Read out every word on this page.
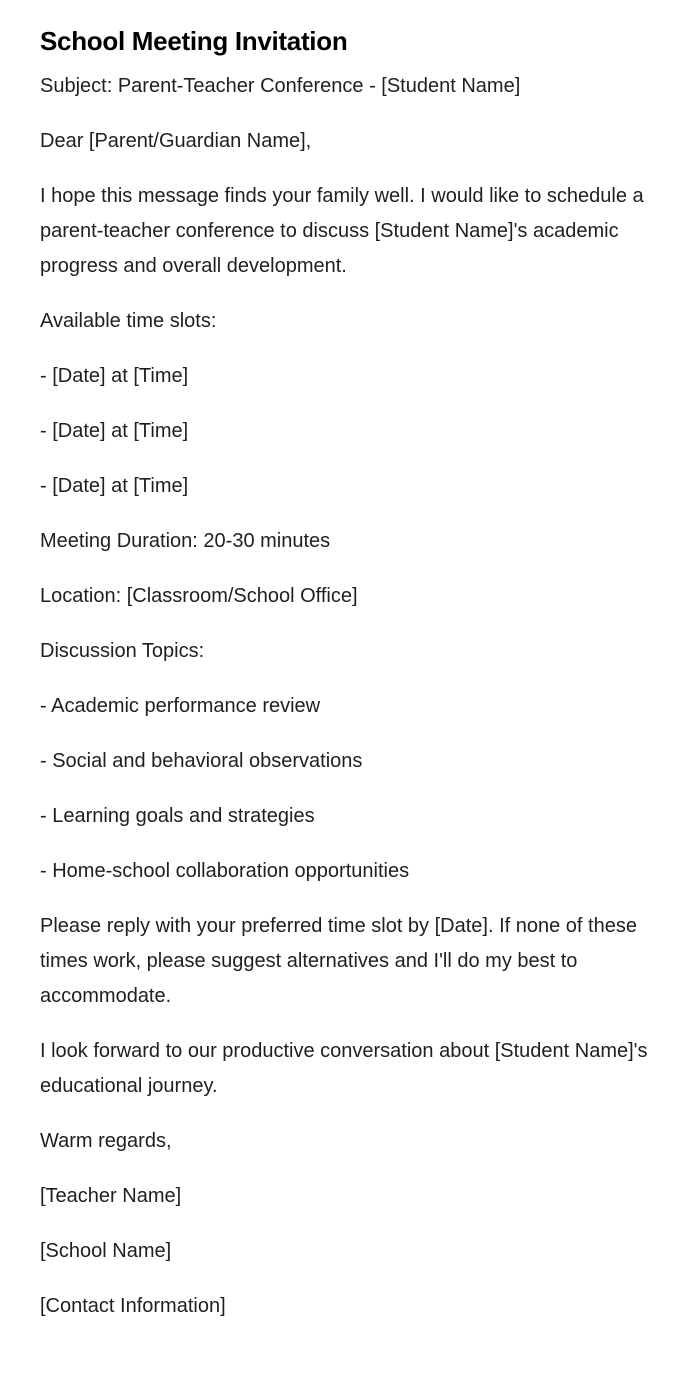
School Meeting Invitation

Subject: Parent-Teacher Conference - [Student Name]

Dear [Parent/Guardian Name],

I hope this message finds your family well. I would like to schedule a parent-teacher conference to discuss [Student Name]'s academic progress and overall development.

Available time slots:

- [Date] at [Time]

- [Date] at [Time]

- [Date] at [Time]

Meeting Duration: 20-30 minutes

Location: [Classroom/School Office]

Discussion Topics:

- Academic performance review

- Social and behavioral observations

- Learning goals and strategies

- Home-school collaboration opportunities

Please reply with your preferred time slot by [Date]. If none of these times work, please suggest alternatives and I'll do my best to accommodate.

I look forward to our productive conversation about [Student Name]'s educational journey.

Warm regards,

[Teacher Name]

[School Name]

[Contact Information]
